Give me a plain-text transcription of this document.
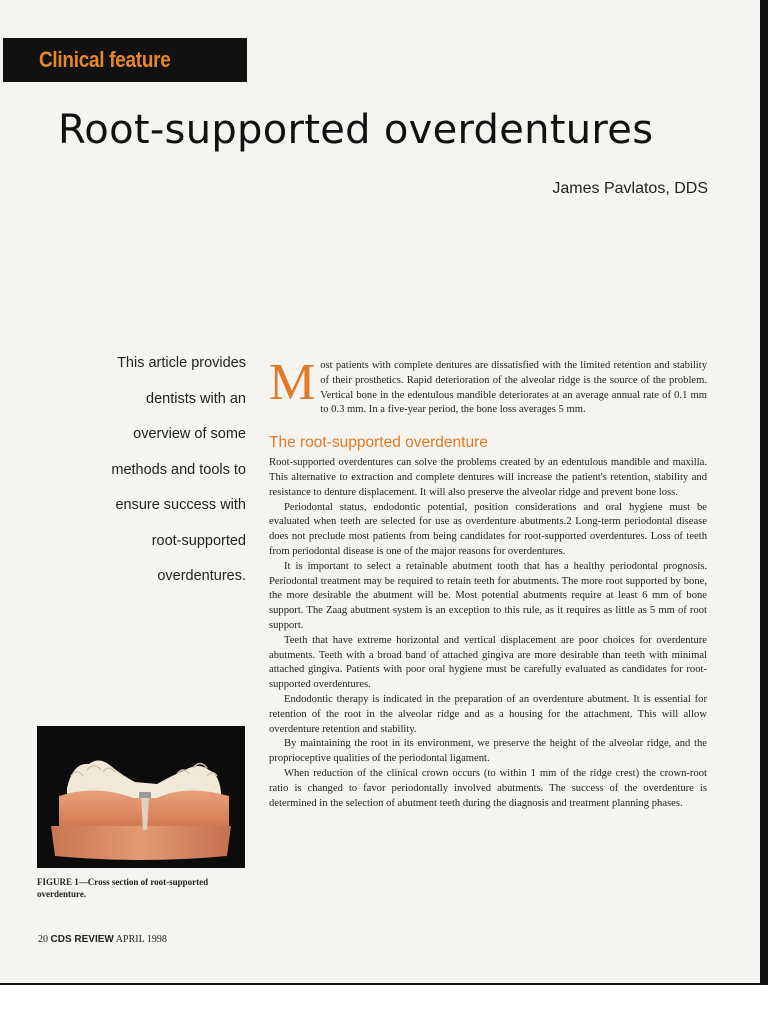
Clinical feature
Root-supported overdentures
James Pavlatos, DDS
This article provides
dentists with an
overview of some
methods and tools to
ensure success with
root-supported
overdentures.
FIGURE 1—Cross section of root-supported overdenture.
20 CDS REVIEW APRIL 1998

Most patients with complete dentures are dissatisfied with the limited retention and stability of their prosthetics. Rapid deterioration of the alveolar ridge is the source of the problem. Vertical bone in the edentulous mandible deteriorates at an average annual rate of 0.1 mm to 0.3 mm. In a five-year period, the bone loss averages 5 mm.

The root-supported overdenture

Root-supported overdentures can solve the problems created by an edentulous mandible and maxilla. This alternative to extraction and complete dentures will increase the patient's retention, stability and resistance to denture displacement. It will also preserve the alveolar ridge and prevent bone loss.

Periodontal status, endodontic potential, position considerations and oral hygiene must be evaluated when teeth are selected for use as overdenture abutments.2 Long-term periodontal disease does not preclude most patients from being candidates for root-supported overdentures. Loss of teeth from periodontal disease is one of the major reasons for overdentures.

It is important to select a retainable abutment tooth that has a healthy periodontal prognosis. Periodontal treatment may be required to retain teeth for abutments. The more root supported by bone, the more desirable the abutment will be. Most potential abutments require at least 6 mm of bone support. The Zaag abutment system is an exception to this rule, as it requires as little as 5 mm of root support.

Teeth that have extreme horizontal and vertical displacement are poor choices for overdenture abutments. Teeth with a broad band of attached gingiva are more desirable than teeth with minimal attached gingiva. Patients with poor oral hygiene must be carefully evaluated as candidates for root-supported overdentures.

Endodontic therapy is indicated in the preparation of an overdenture abutment. It is essential for retention of the root in the alveolar ridge and as a housing for the attachment. This will allow overdenture retention and stability.

By maintaining the root in its environment, we preserve the height of the alveolar ridge, and the proprioceptive qualities of the periodontal ligament.

When reduction of the clinical crown occurs (to within 1 mm of the ridge crest) the crown-root ratio is changed to favor periodontally involved abutments. The success of the overdenture is determined in the selection of abutment teeth during the diagnosis and treatment planning phases.
